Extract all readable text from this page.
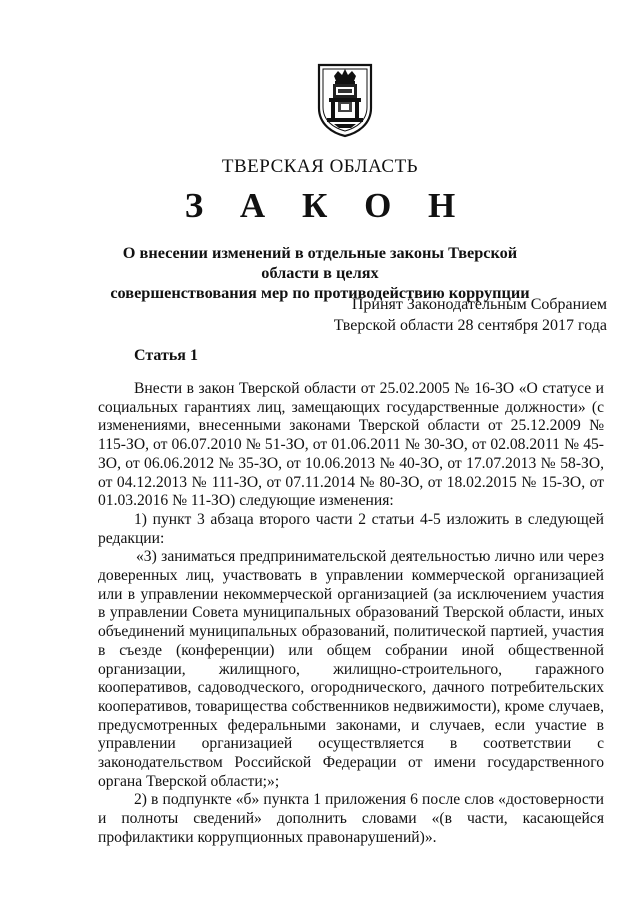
ТВЕРСКАЯ ОБЛАСТЬ
З А К О Н
О внесении изменений в отдельные законы Тверской области в целях
совершенствования мер по противодействию коррупции
Принят Законодательным Собранием
Тверской области 28 сентября 2017 года
Статья 1

Внести в закон Тверской области от 25.02.2005 № 16-ЗО «О статусе и социальных гарантиях лиц, замещающих государственные должности» (с изменениями, внесенными законами Тверской области от 25.12.2009 № 115-ЗО, от 06.07.2010 № 51-ЗО, от 01.06.2011 № 30-ЗО, от 02.08.2011 № 45-ЗО, от 06.06.2012 № 35-ЗО, от 10.06.2013 № 40-ЗО, от 17.07.2013 № 58-ЗО, от 04.12.2013 № 111-ЗО, от 07.11.2014 № 80-ЗО, от 18.02.2015 № 15-ЗО, от 01.03.2016 № 11-ЗО) следующие изменения:

1) пункт 3 абзаца второго части 2 статьи 4-5 изложить в следующей редакции:

«3) заниматься предпринимательской деятельностью лично или через доверенных лиц, участвовать в управлении коммерческой организацией или в управлении некоммерческой организацией (за исключением участия в управлении Совета муниципальных образований Тверской области, иных объединений муниципальных образований, политической партией, участия в съезде (конференции) или общем собрании иной общественной организации, жилищного, жилищно-строительного, гаражного кооперативов, садоводческого, огороднического, дачного потребительских кооперативов, товарищества собственников недвижимости), кроме случаев, предусмотренных федеральными законами, и случаев, если участие в управлении организацией осуществляется в соответствии с законодательством Российской Федерации от имени государственного органа Тверской области;»;

2) в подпункте «б» пункта 1 приложения 6 после слов «достоверности и полноты сведений» дополнить словами «(в части, касающейся профилактики коррупционных правонарушений)».
